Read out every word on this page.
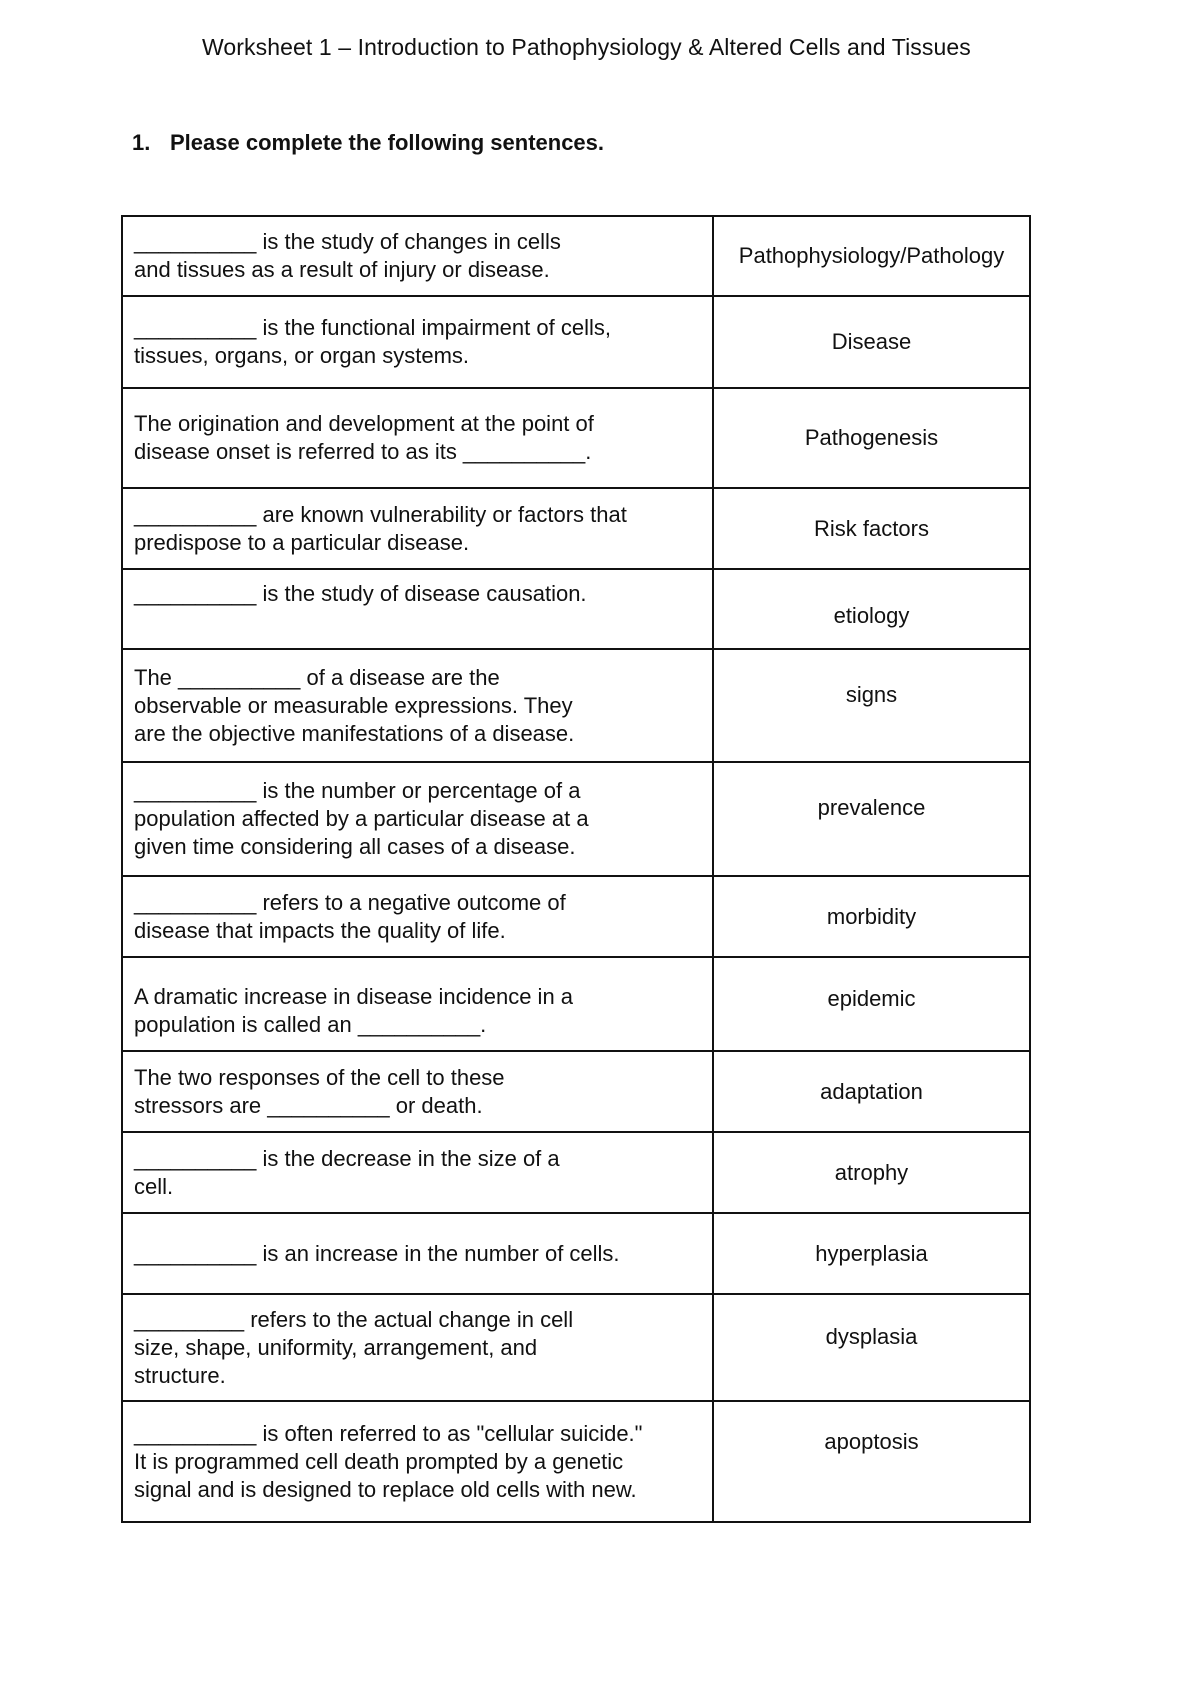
Worksheet 1 – Introduction to Pathophysiology & Altered Cells and Tissues
1. Please complete the following sentences.
__________ is the study of changes in cells
and tissues as a result of injury or disease.	Pathophysiology/Pathology
__________ is the functional impairment of cells,
tissues, organs, or organ systems.	Disease
The origination and development at the point of
disease onset is referred to as its __________.	Pathogenesis
__________ are known vulnerability or factors that
predispose to a particular disease.	Risk factors
__________ is the study of disease causation.	etiology
The __________ of a disease are the
observable or measurable expressions. They
are the objective manifestations of a disease.	signs
__________ is the number or percentage of a
population affected by a particular disease at a
given time considering all cases of a disease.	prevalence
__________ refers to a negative outcome of
disease that impacts the quality of life.	morbidity
A dramatic increase in disease incidence in a
population is called an __________.	epidemic
The two responses of the cell to these
stressors are __________ or death.	adaptation
__________ is the decrease in the size of a
cell.	atrophy
__________ is an increase in the number of cells.	hyperplasia
_________ refers to the actual change in cell
size, shape, uniformity, arrangement, and
structure.	dysplasia
__________ is often referred to as "cellular suicide."
It is programmed cell death prompted by a genetic
signal and is designed to replace old cells with new.	apoptosis
